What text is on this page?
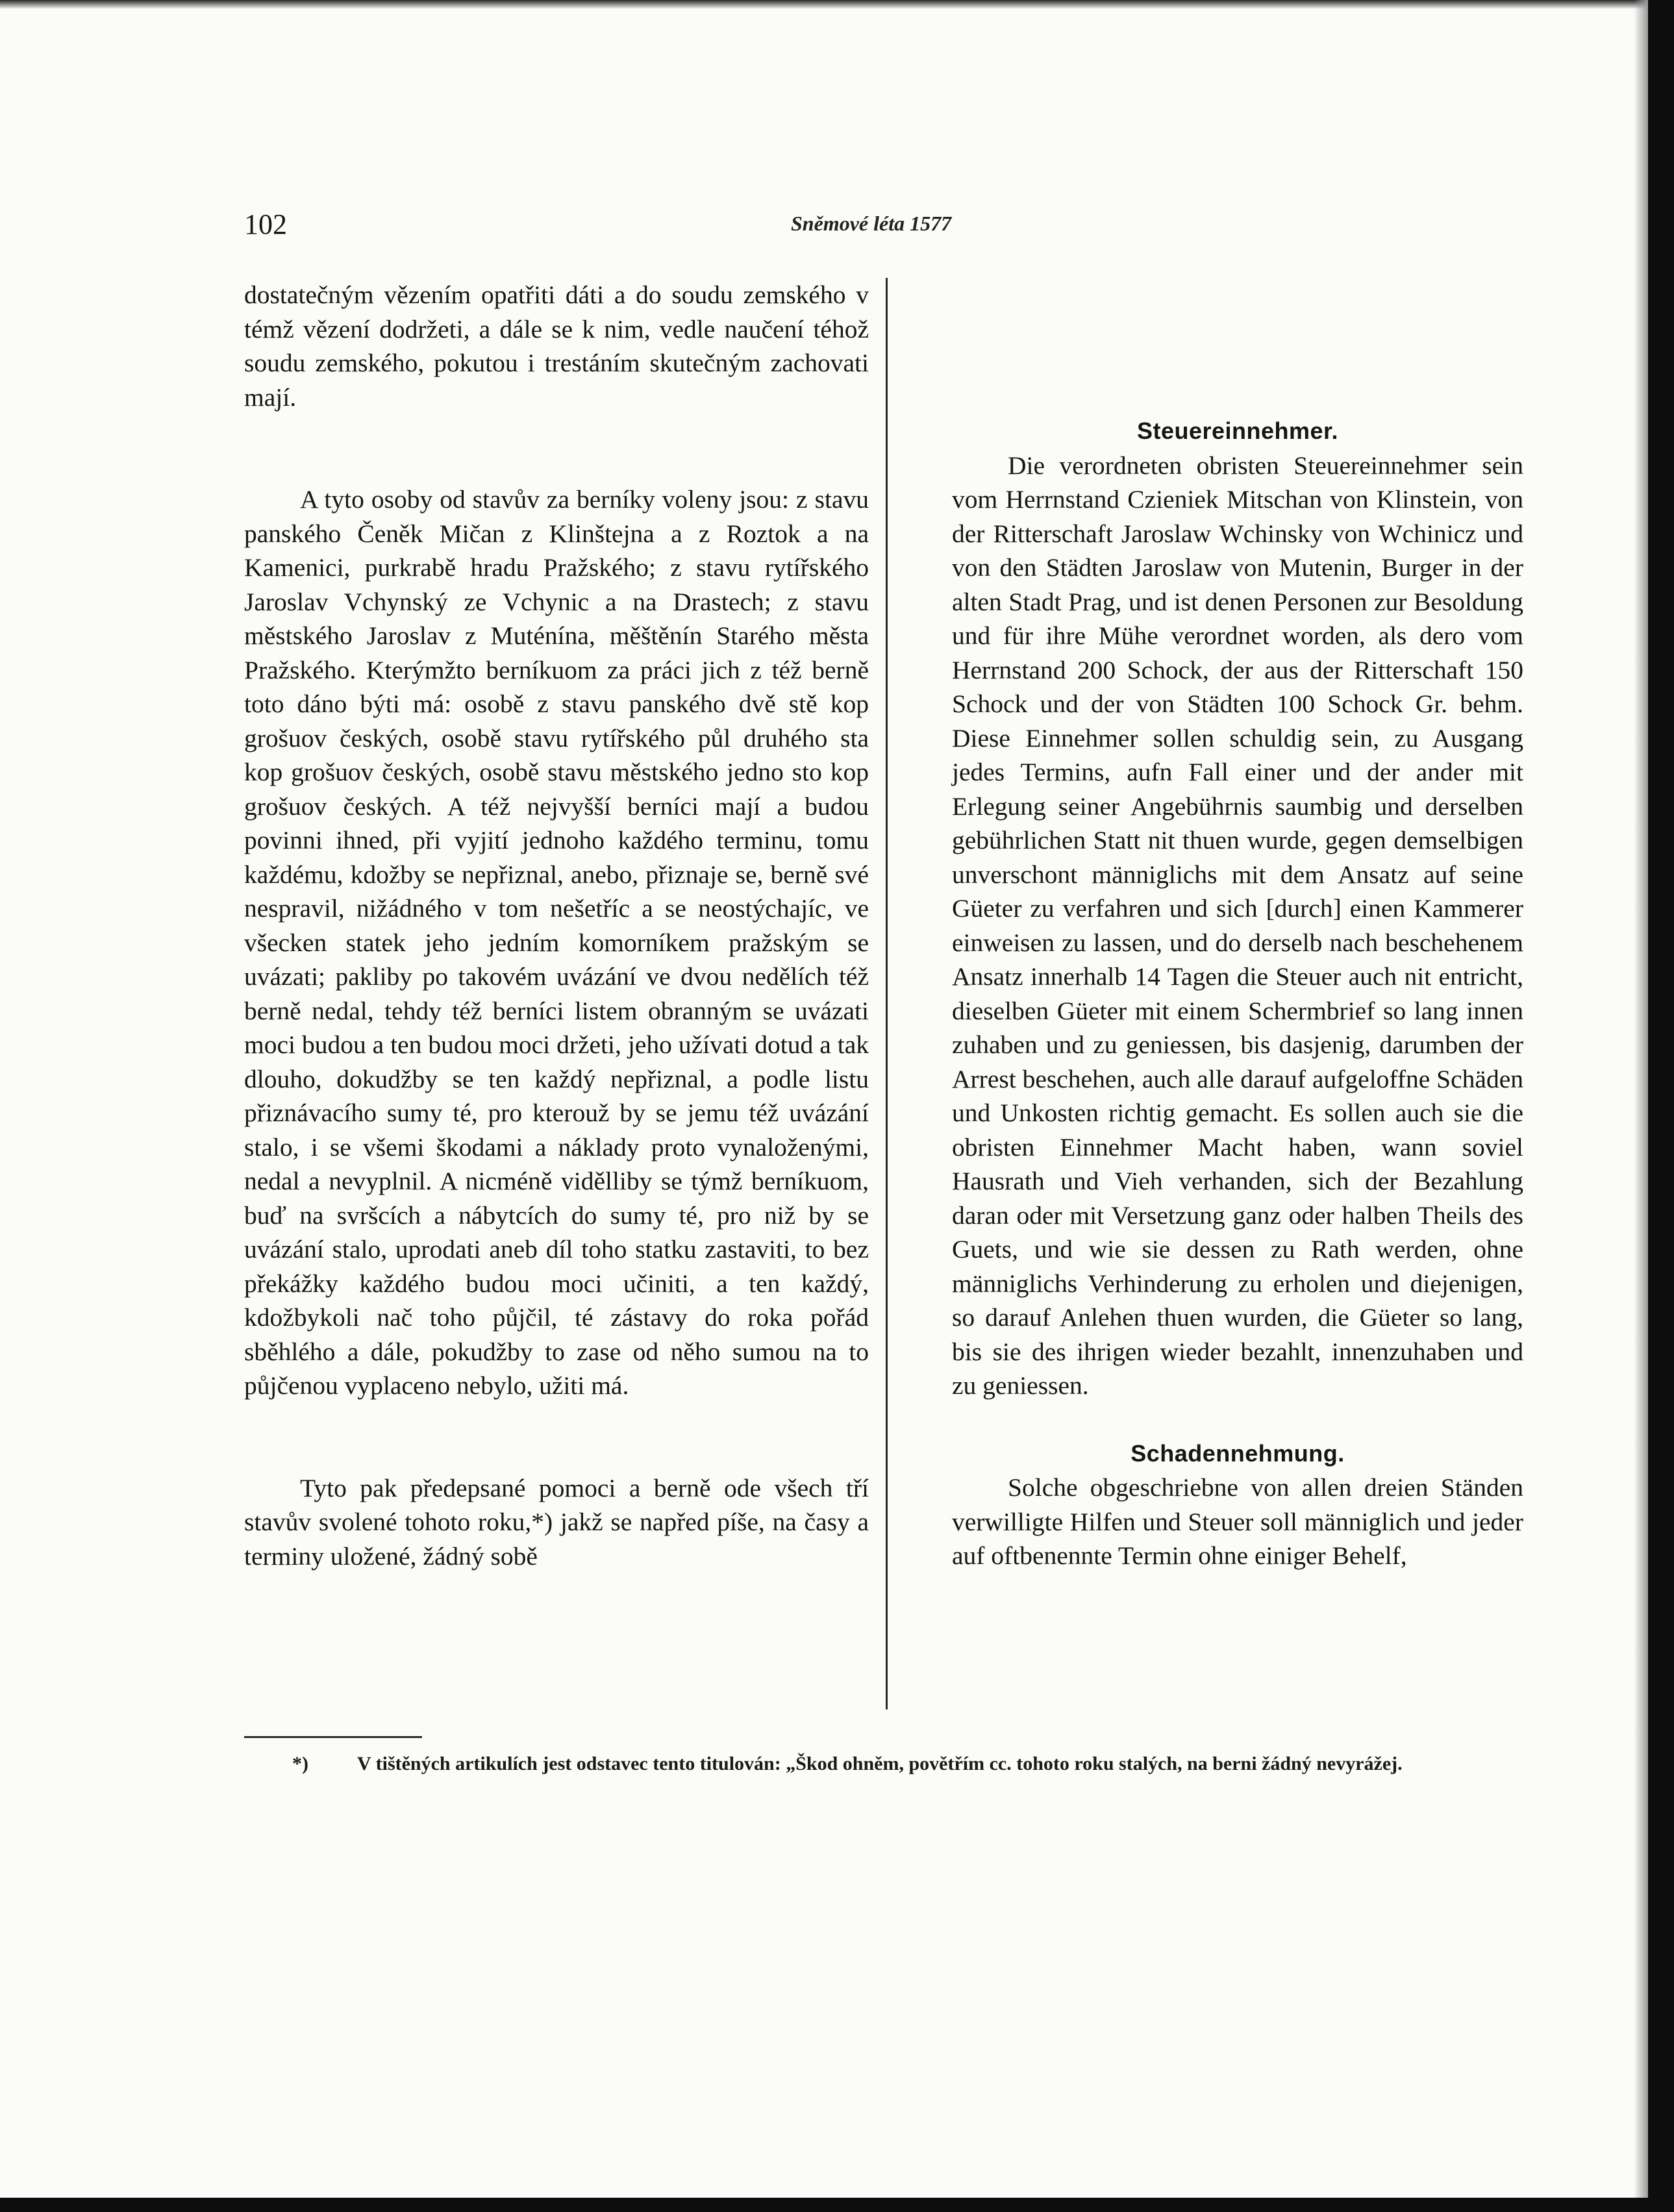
102	Sněmové léta 1577

dostatečným vězením opatřiti dáti a do soudu zemského v témž vězení dodržeti, a dále se k nim, vedle naučení téhož soudu zemského, pokutou i trestáním skutečným zachovati mají.

A tyto osoby od stavův za berníky voleny jsou: z stavu panského Čeněk Mičan z Klinštejna a z Roztok a na Kamenici, purkrabě hradu Pražského; z stavu rytířského Jaroslav Vchynský ze Vchynic a na Drastech; z stavu městského Jaroslav z Muténína, měštěnín Starého města Pražského. Kterýmžto berníkuom za práci jich z též berně toto dáno býti má: osobě z stavu panského dvě stě kop grošuov českých, osobě stavu rytířského půl druhého sta kop grošuov českých, osobě stavu městského jedno sto kop grošuov českých. A též nejvyšší berníci mají a budou povinni ihned, při vyjití jednoho každého terminu, tomu každému, kdožby se nepřiznal, anebo, přiznaje se, berně své nespravil, nižádného v tom nešetříc a se neostýchajíc, ve všecken statek jeho jedním komorníkem pražským se uvázati; pakliby po takovém uvázání ve dvou nedělích též berně nedal, tehdy též berníci listem obranným se uvázati moci budou a ten budou moci držeti, jeho užívati dotud a tak dlouho, dokudžby se ten každý nepřiznal, a podle listu přiznávacího sumy té, pro kterouž by se jemu též uvázání stalo, i se všemi škodami a náklady proto vynaloženými, nedal a nevyplnil. A nicméně vidělliby se týmž berníkuom, buď na svršcích a nábytcích do sumy té, pro niž by se uvázání stalo, uprodati aneb díl toho statku zastaviti, to bez překážky každého budou moci učiniti, a ten každý, kdožbykoli nač toho půjčil, té zástavy do roka pořád sběhlého a dále, pokudžby to zase od něho sumou na to půjčenou vyplaceno nebylo, užiti má.

Tyto pak předepsané pomoci a berně ode všech tří stavův svolené tohoto roku,*) jakž se napřed píše, na časy a terminy uložené, žádný sobě

Steuereinnehmer.

Die verordneten obristen Steuereinnehmer sein vom Herrnstand Czieniek Mitschan von Klinstein, von der Ritterschaft Jaroslaw Wchinsky von Wchinicz und von den Städten Jaroslaw von Mutenin, Burger in der alten Stadt Prag, und ist denen Personen zur Besoldung und für ihre Mühe verordnet worden, als dero vom Herrnstand 200 Schock, der aus der Ritterschaft 150 Schock und der von Städten 100 Schock Gr. behm. Diese Einnehmer sollen schuldig sein, zu Ausgang jedes Termins, aufn Fall einer und der ander mit Erlegung seiner Angebührnis saumbig und derselben gebührlichen Statt nit thuen wurde, gegen demselbigen unverschont männiglichs mit dem Ansatz auf seine Güeter zu verfahren und sich [durch] einen Kammerer einweisen zu lassen, und do derselb nach beschehenem Ansatz innerhalb 14 Tagen die Steuer auch nit entricht, dieselben Güeter mit einem Schermbrief so lang innen zuhaben und zu geniessen, bis dasjenig, darumben der Arrest beschehen, auch alle darauf aufgeloffne Schäden und Unkosten richtig gemacht. Es sollen auch sie die obristen Einnehmer Macht haben, wann soviel Hausrath und Vieh verhanden, sich der Bezahlung daran oder mit Versetzung ganz oder halben Theils des Guets, und wie sie dessen zu Rath werden, ohne männiglichs Verhinderung zu erholen und diejenigen, so darauf Anlehen thuen wurden, die Güeter so lang, bis sie des ihrigen wieder bezahlt, innenzuhaben und zu geniessen.

Schadennehmung.

Solche obgeschriebne von allen dreien Ständen verwilligte Hilfen und Steuer soll männiglich und jeder auf oftbenennte Termin ohne einiger Behelf,

*)	V tištěných artikulích jest odstavec tento titulován: „Škod ohněm, povětřím cc. tohoto roku stalých, na berni žádný nevyrážej.
